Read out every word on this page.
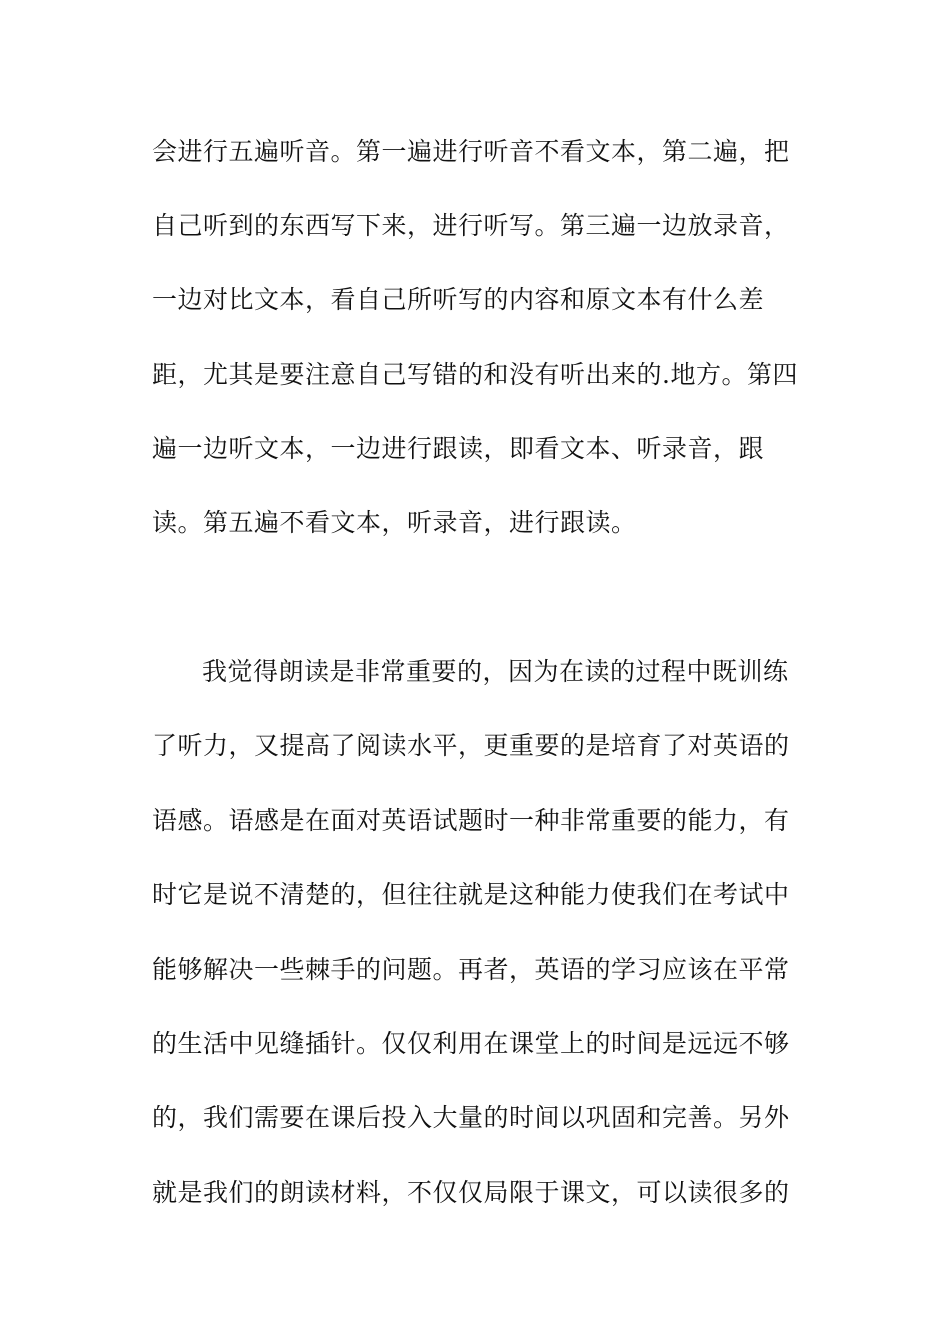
会进行五遍听音。第一遍进行听音不看文本，第二遍，把
自己听到的东西写下来，进行听写。第三遍一边放录音，
一边对比文本，看自己所听写的内容和原文本有什么差
距，尤其是要注意自己写错的和没有听出来的.地方。第四
遍一边听文本，一边进行跟读，即看文本、听录音，跟
读。第五遍不看文本，听录音，进行跟读。
我觉得朗读是非常重要的，因为在读的过程中既训练
了听力，又提高了阅读水平，更重要的是培育了对英语的
语感。语感是在面对英语试题时一种非常重要的能力，有
时它是说不清楚的，但往往就是这种能力使我们在考试中
能够解决一些棘手的问题。再者，英语的学习应该在平常
的生活中见缝插针。仅仅利用在课堂上的时间是远远不够
的，我们需要在课后投入大量的时间以巩固和完善。另外
就是我们的朗读材料，不仅仅局限于课文，可以读很多的
